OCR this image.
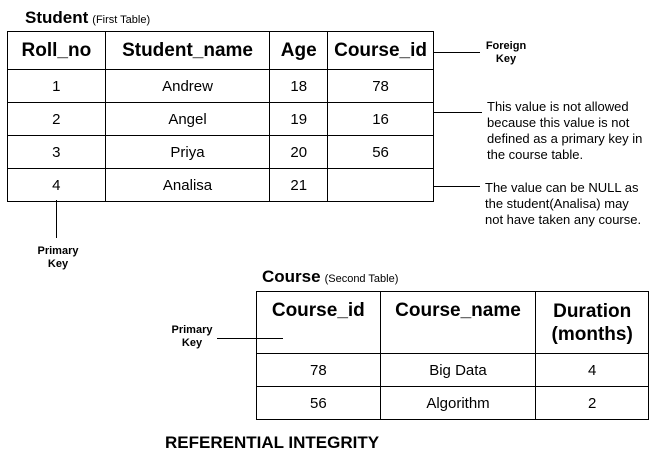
Student (First Table)
Roll_no	Student_name	Age	Course_id
1	Andrew	18	78
2	Angel	19	16
3	Priya	20	56
4	Analisa	21	
Foreign Key
This value is not allowed because this value is not defined as a primary key in the course table.
The value can be NULL as the student(Analisa) may not have taken any course.
Primary Key
Course (Second Table)
Course_id	Course_name	Duration (months)
78	Big Data	4
56	Algorithm	2
Primary Key
REFERENTIAL INTEGRITY
